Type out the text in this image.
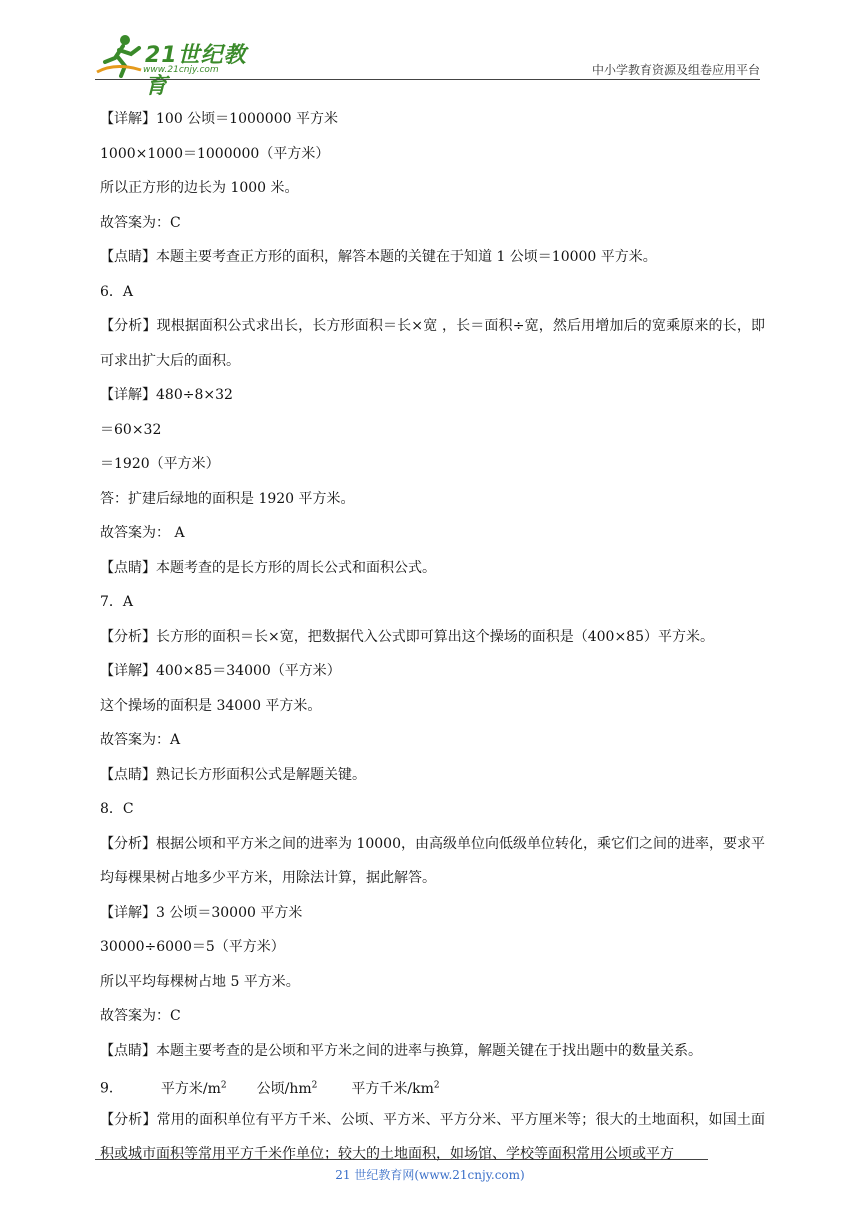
21世纪教育
www.21cnjy.com	中小学教育资源及组卷应用平台
【详解】100 公顷＝1000000 平方米
1000×1000＝1000000（平方米）
所以正方形的边长为 1000 米。
故答案为：C
【点睛】本题主要考查正方形的面积，解答本题的关键在于知道 1 公顷＝10000 平方米。
6．A
【分析】现根据面积公式求出长，长方形面积＝长×宽 ，长＝面积÷宽，然后用增加后的宽乘原来的长，即可求出扩大后的面积。
【详解】480÷8×32
＝60×32
＝1920（平方米）
答：扩建后绿地的面积是 1920 平方米。
故答案为： A
【点睛】本题考查的是长方形的周长公式和面积公式。
7．A
【分析】长方形的面积＝长×宽，把数据代入公式即可算出这个操场的面积是（400×85）平方米。
【详解】400×85＝34000（平方米）
这个操场的面积是 34000 平方米。
故答案为：A
【点睛】熟记长方形面积公式是解题关键。
8．C
【分析】根据公顷和平方米之间的进率为 10000，由高级单位向低级单位转化，乘它们之间的进率，要求平均每棵果树占地多少平方米，用除法计算，据此解答。
【详解】3 公顷＝30000 平方米
30000÷6000＝5（平方米）
所以平均每棵树占地 5 平方米。
故答案为：C
【点睛】本题主要考查的是公顷和平方米之间的进率与换算，解题关键在于找出题中的数量关系。
9．	平方米$/m^2$ 公顷$/hm^2$ 平方千米$/km^2$
【分析】常用的面积单位有平方千米、公顷、平方米、平方分米、平方厘米等；很大的土地面积，如国土面积或城市面积等常用平方千米作单位；较大的土地面积，如场馆、学校等面积常用公顷或平方
21 世纪教育网(www.21cnjy.com)
